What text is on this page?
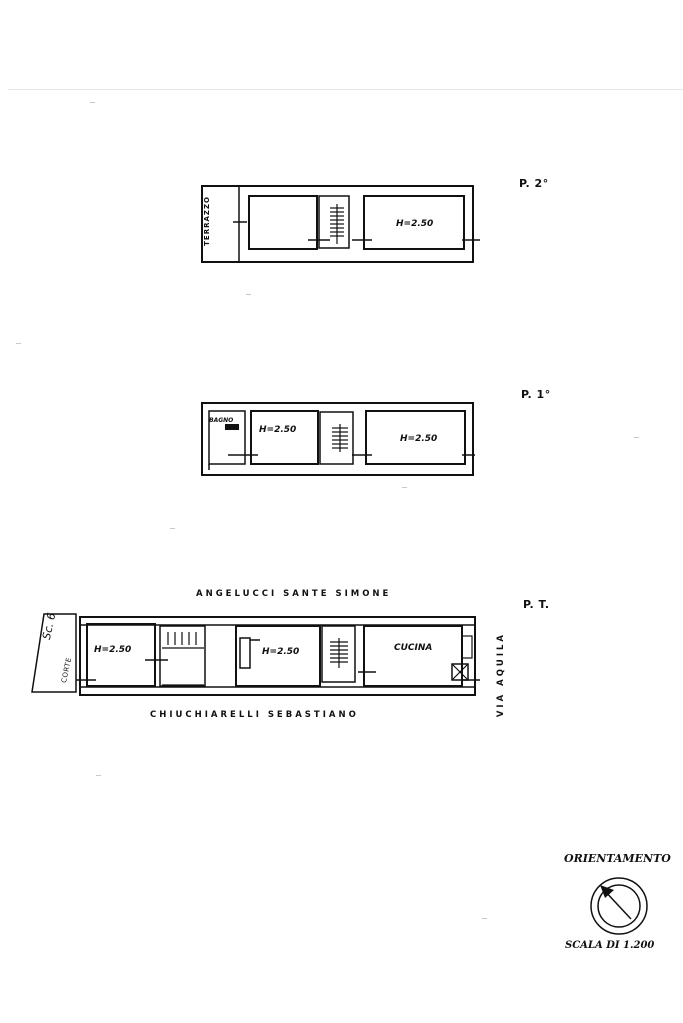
P. 2°
TERRAZZO	H=2.50
P. 1°
BAGNO
H=2.50
H=2.50
P. T.
ANGELUCCI SANTE SIMONE
CHIUCHIARELLI SEBASTIANO	VIA AQUILA
H=2.50	H=2.50	CUCINA
Sc. 6
CORTE
ORIENTAMENTO
SCALA DI 1.200
